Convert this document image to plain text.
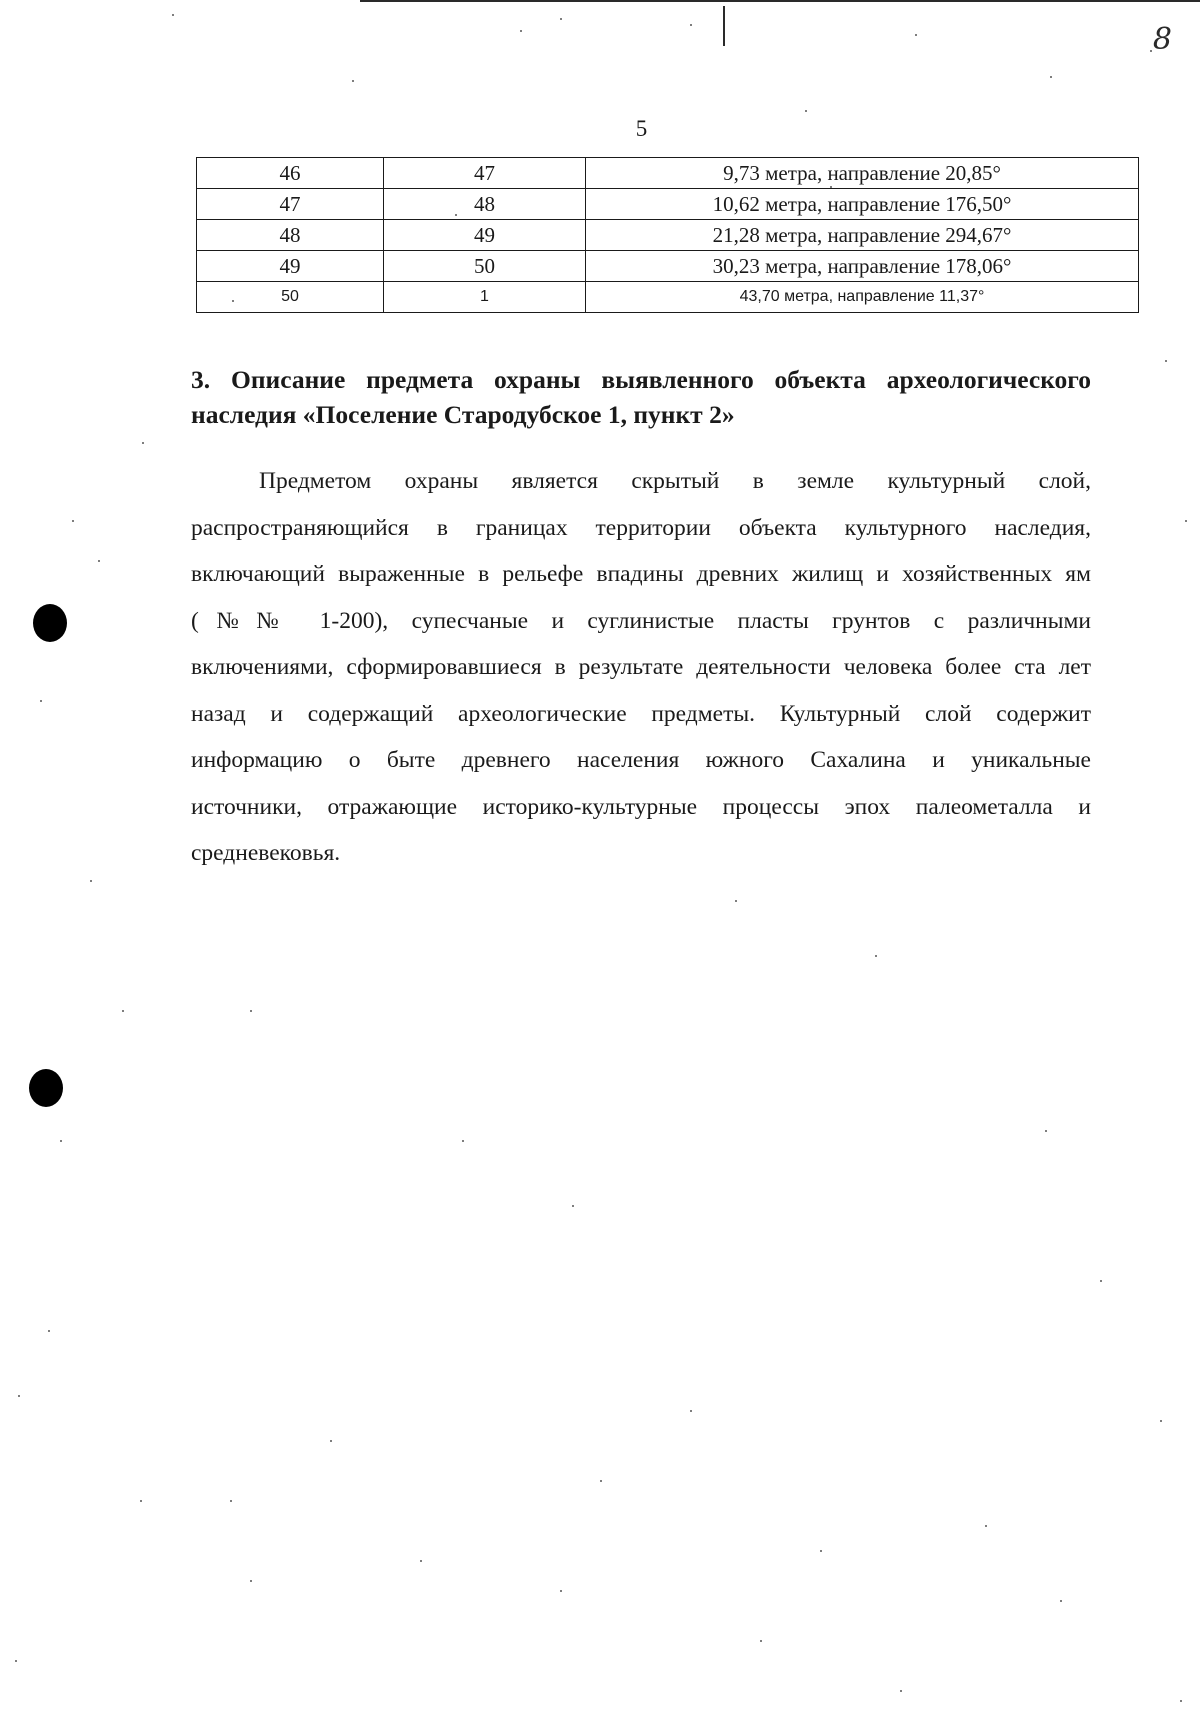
8
5
46	47	9,73 метра, направление 20,85°
47	48	10,62 метра, направление 176,50°
48	49	21,28 метра, направление 294,67°
49	50	30,23 метра, направление 178,06°
50	1	43,70 метра, направление 11,37°
3. Описание предмета охраны выявленного объекта археологического
наследия «Поселение Стародубское 1, пункт 2»
Предметом охраны является скрытый в земле культурный слой,
распространяющийся в границах территории объекта культурного наследия,
включающий выраженные в рельефе впадины древних жилищ и хозяйственных ям
(№№ 1-200), супесчаные и суглинистые пласты грунтов с различными
включениями, сформировавшиеся в результате деятельности человека более ста лет
назад и содержащий археологические предметы. Культурный слой содержит
информацию о быте древнего населения южного Сахалина и уникальные
источники, отражающие историко-культурные процессы эпох палеометалла и
средневековья.
